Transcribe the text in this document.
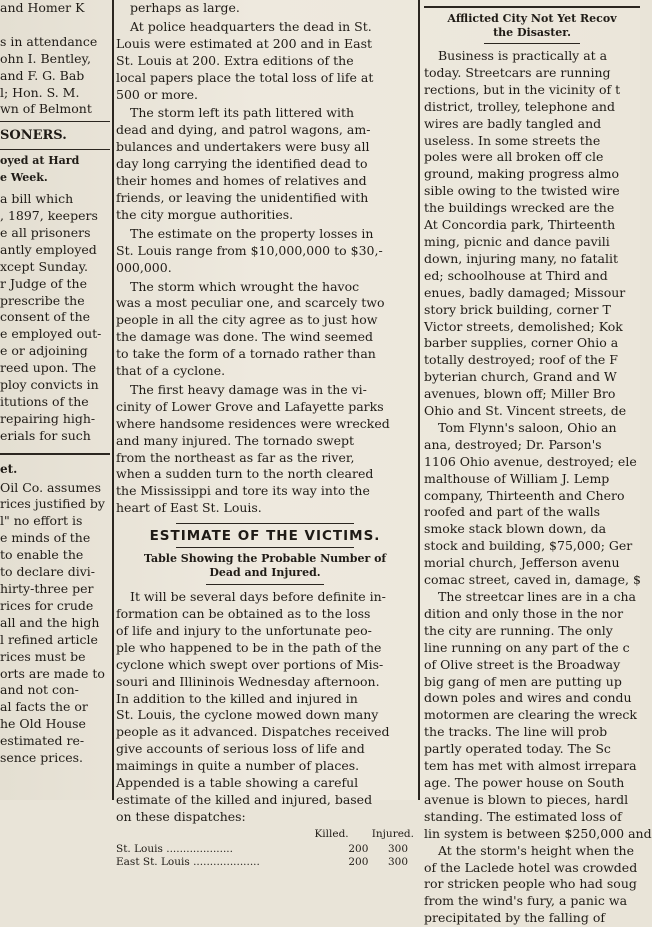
and Homer K

s in attendance
ohn I. Bentley,
and F. G. Bab
l; Hon. S. M.
wn of Belmont
SONERS.
oyed at Hard
e Week.
a bill which
, 1897, keepers
e all prisoners
antly employed
xcept Sunday.
r Judge of the
prescribe the
consent of the
e employed out-
e or adjoining
reed upon. The
ploy convicts in
itutions of the
repairing high-
erials for such
et.
Oil Co. assumes
rices justified by
l" no effort is
e minds of the
to enable the
to declare divi-
hirty-three per
rices for crude
all and the high
l refined article
rices must be
orts are made to
and not con-
al facts the or
he Old House
estimated re-
sence prices.
perhaps as large.
At police headquarters the dead in St.
Louis were estimated at 200 and in East
St. Louis at 200. Extra editions of the
local papers place the total loss of life at
500 or more.
The storm left its path littered with
dead and dying, and patrol wagons, am-
bulances and undertakers were busy all
day long carrying the identified dead to
their homes and homes of relatives and
friends, or leaving the unidentified with
the city morgue authorities.
The estimate on the property losses in
St. Louis range from $10,000,000 to $30,-
000,000.
The storm which wrought the havoc
was a most peculiar one, and scarcely two
people in all the city agree as to just how
the damage was done. The wind seemed
to take the form of a tornado rather than
that of a cyclone.
The first heavy damage was in the vi-
cinity of Lower Grove and Lafayette parks
where handsome residences were wrecked
and many injured. The tornado swept
from the northeast as far as the river,
when a sudden turn to the north cleared
the Mississippi and tore its way into the
heart of East St. Louis.
ESTIMATE OF THE VICTIMS.
Table Showing the Probable Number of
Dead and Injured.
It will be several days before definite in-
formation can be obtained as to the loss
of life and injury to the unfortunate peo-
ple who happened to be in the path of the
cyclone which swept over portions of Mis-
souri and Illininois Wednesday afternoon.
In addition to the killed and injured in
St. Louis, the cyclone mowed down many
people as it advanced. Dispatches received
give accounts of serious loss of life and
maimings in quite a number of places.
Appended is a table showing a careful
estimate of the killed and injured, based
on these dispatches:
Killed. Injured.
St. Louis ....................	200	300
East St. Louis ....................	200	300
Afflicted City Not Yet Recov
the Disaster.
Business is practically at a
today. Streetcars are running
rections, but in the vicinity of t
district, trolley, telephone and
wires are badly tangled and
useless. In some streets the
poles were all broken off cle
ground, making progress almo
sible owing to the twisted wire
the buildings wrecked are the
At Concordia park, Thirteenth
ming, picnic and dance pavili
down, injuring many, no fatalit
ed; schoolhouse at Third and
enues, badly damaged; Missour
story brick building, corner T
Victor streets, demolished; Kok
barber supplies, corner Ohio a
totally destroyed; roof of the F
byterian church, Grand and W
avenues, blown off; Miller Bro
Ohio and St. Vincent streets, de
Tom Flynn's saloon, Ohio an
ana, destroyed; Dr. Parson's
1106 Ohio avenue, destroyed; ele
malthouse of William J. Lemp
company, Thirteenth and Chero
roofed and part of the walls
smoke stack blown down, da
stock and building, $75,000; Ger
morial church, Jefferson avenu
comac street, caved in, damage, $
The streetcar lines are in a cha
dition and only those in the nor
the city are running. The only
line running on any part of the c
of Olive street is the Broadway
big gang of men are putting up
down poles and wires and condu
motormen are clearing the wreck
the tracks. The line will prob
partly operated today. The Sc
tem has met with almost irrepara
age. The power house on South
avenue is blown to pieces, hardl
standing. The estimated loss of
lin system is between $250,000 and
At the storm's height when the
of the Laclede hotel was crowded
ror stricken people who had soug
from the wind's fury, a panic wa
precipitated by the falling of
